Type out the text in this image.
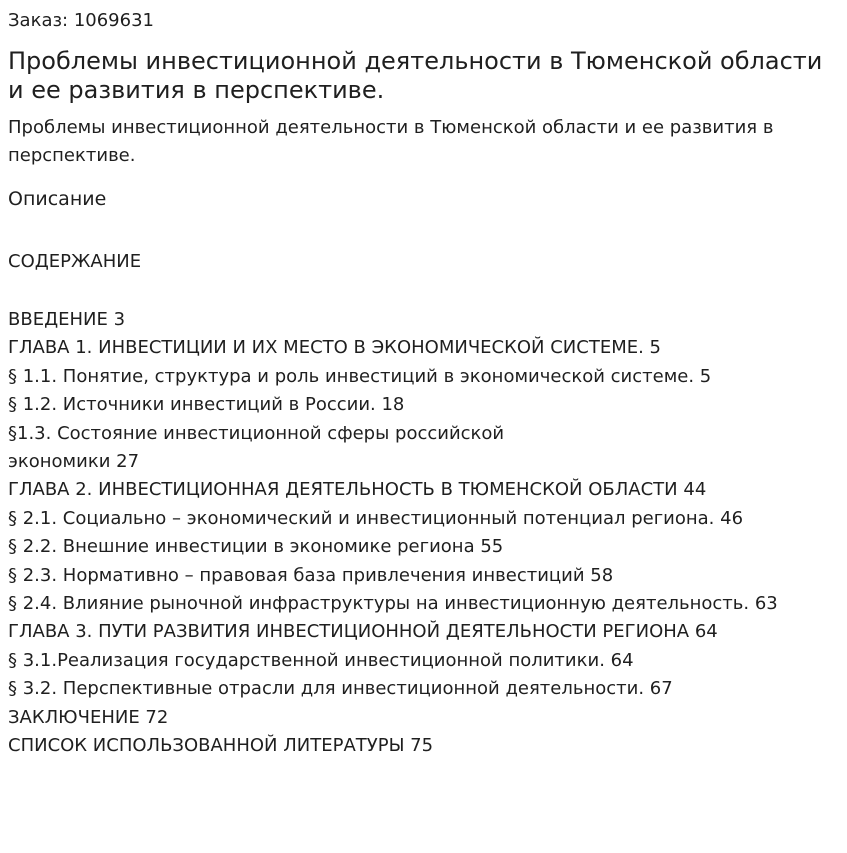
Заказ: 1069631
Проблемы инвестиционной деятельности в Тюменской области и ее развития в перспективе.
Проблемы инвестиционной деятельности в Тюменской области и ее развития в перспективе.
Описание
СОДЕРЖАНИЕ
ВВЕДЕНИЕ 3
ГЛАВА 1. ИНВЕСТИЦИИ И ИХ МЕСТО В ЭКОНОМИЧЕСКОЙ СИСТЕМЕ. 5
§ 1.1. Понятие, структура и роль инвестиций в экономической системе. 5
§ 1.2. Источники инвестиций в России. 18
§1.3. Состояние инвестиционной сферы российской
экономики 27
ГЛАВА 2. ИНВЕСТИЦИОННАЯ ДЕЯТЕЛЬНОСТЬ В ТЮМЕНСКОЙ ОБЛАСТИ 44
§ 2.1. Социально – экономический и инвестиционный потенциал региона. 46
§ 2.2. Внешние инвестиции в экономике региона 55
§ 2.3. Нормативно – правовая база привлечения инвестиций 58
§ 2.4. Влияние рыночной инфраструктуры на инвестиционную деятельность. 63
ГЛАВА 3. ПУТИ РАЗВИТИЯ ИНВЕСТИЦИОННОЙ ДЕЯТЕЛЬНОСТИ РЕГИОНА 64
§ 3.1.Реализация государственной инвестиционной политики. 64
§ 3.2. Перспективные отрасли для инвестиционной деятельности. 67
ЗАКЛЮЧЕНИЕ 72
СПИСОК ИСПОЛЬЗОВАННОЙ ЛИТЕРАТУРЫ 75
